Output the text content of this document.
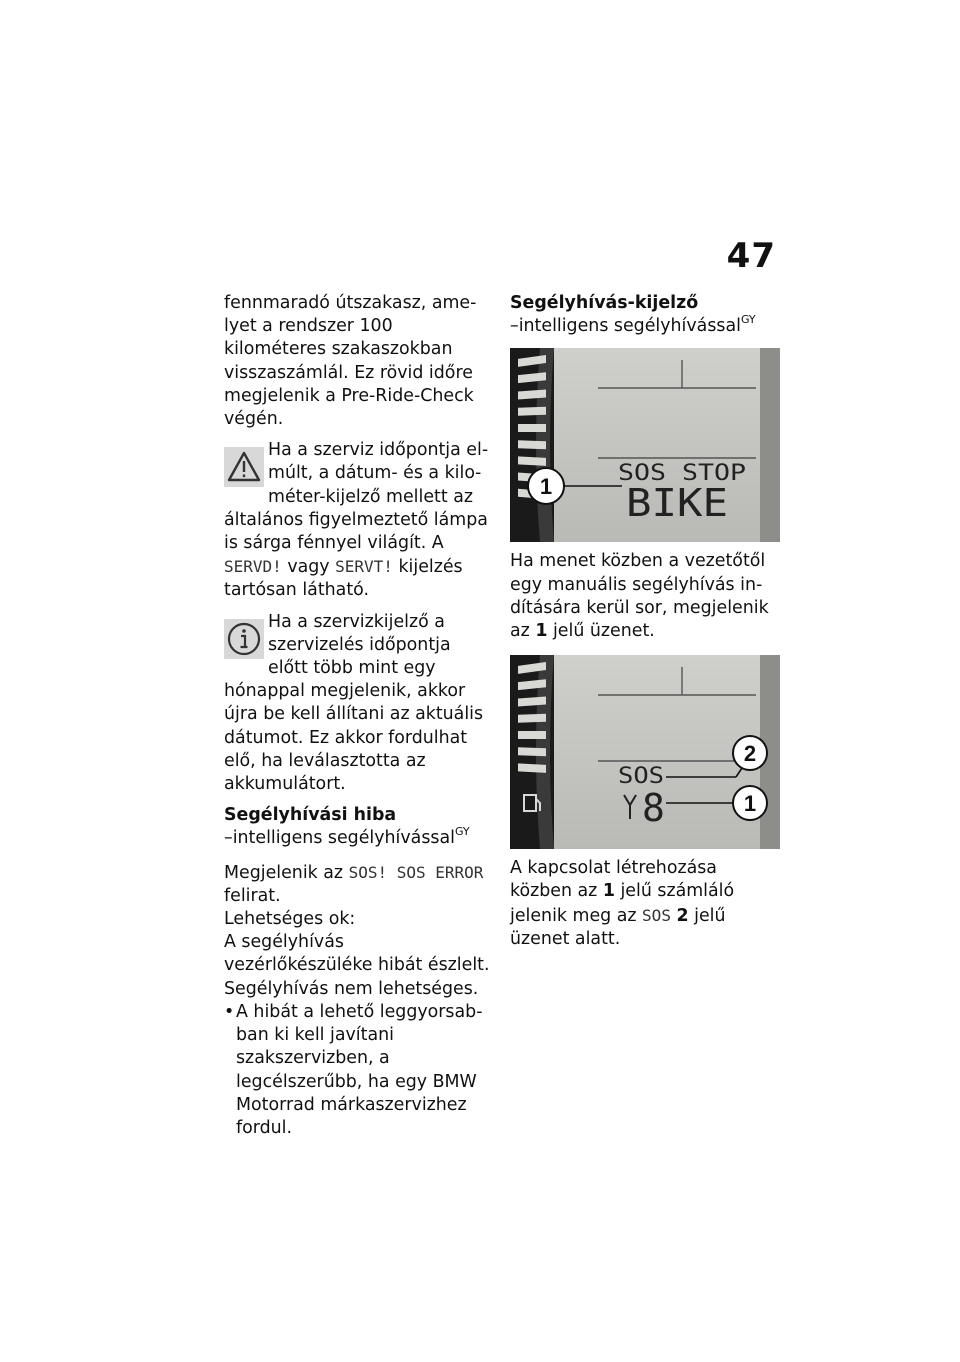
47

fennmaradó útszakasz, amelyet a rendszer 100 kilométeres szakaszokban visszaszámlál. Ez rövid időre megjelenik a Pre-Ride-Check végén.

Ha a szerviz időpontja elmúlt, a dátum- és a kilométer-kijelző mellett az általános figyelmeztető lámpa is sárga fénnyel világít. A SERVD! vagy SERVT! kijelzés tartósan látható.

Ha a szervizkijelző a szervizelés időpontja előtt több mint egy hónappal megjelenik, akkor újra be kell állítani az aktuális dátumot. Ez akkor fordulhat elő, ha leválasztotta az akkumulátort.

Segélyhívási hiba

–intelligens segélyhívással$^{GY}$

Megjelenik az SOS! SOS ERROR felirat.

Lehetséges ok:

A segélyhívás vezérlőkészüléke hibát észlelt. Segélyhívás nem lehetséges.

• A hibát a lehető leggyorsabban ki kell javítani szakszervizben, a legcélszerűbb, ha egy BMW Motorrad márkaszervizhez fordul.

Segélyhívás-kijelző

–intelligens segélyhívással$^{GY}$

SOS STOP
BIKE
1

Ha menet közben a vezetőtől egy manuális segélyhívás indítására kerül sor, megjelenik az 1 jelű üzenet.

SOS
8
2
1

A kapcsolat létrehozása közben az 1 jelű számláló jelenik meg az SOS 2 jelű üzenet alatt.
